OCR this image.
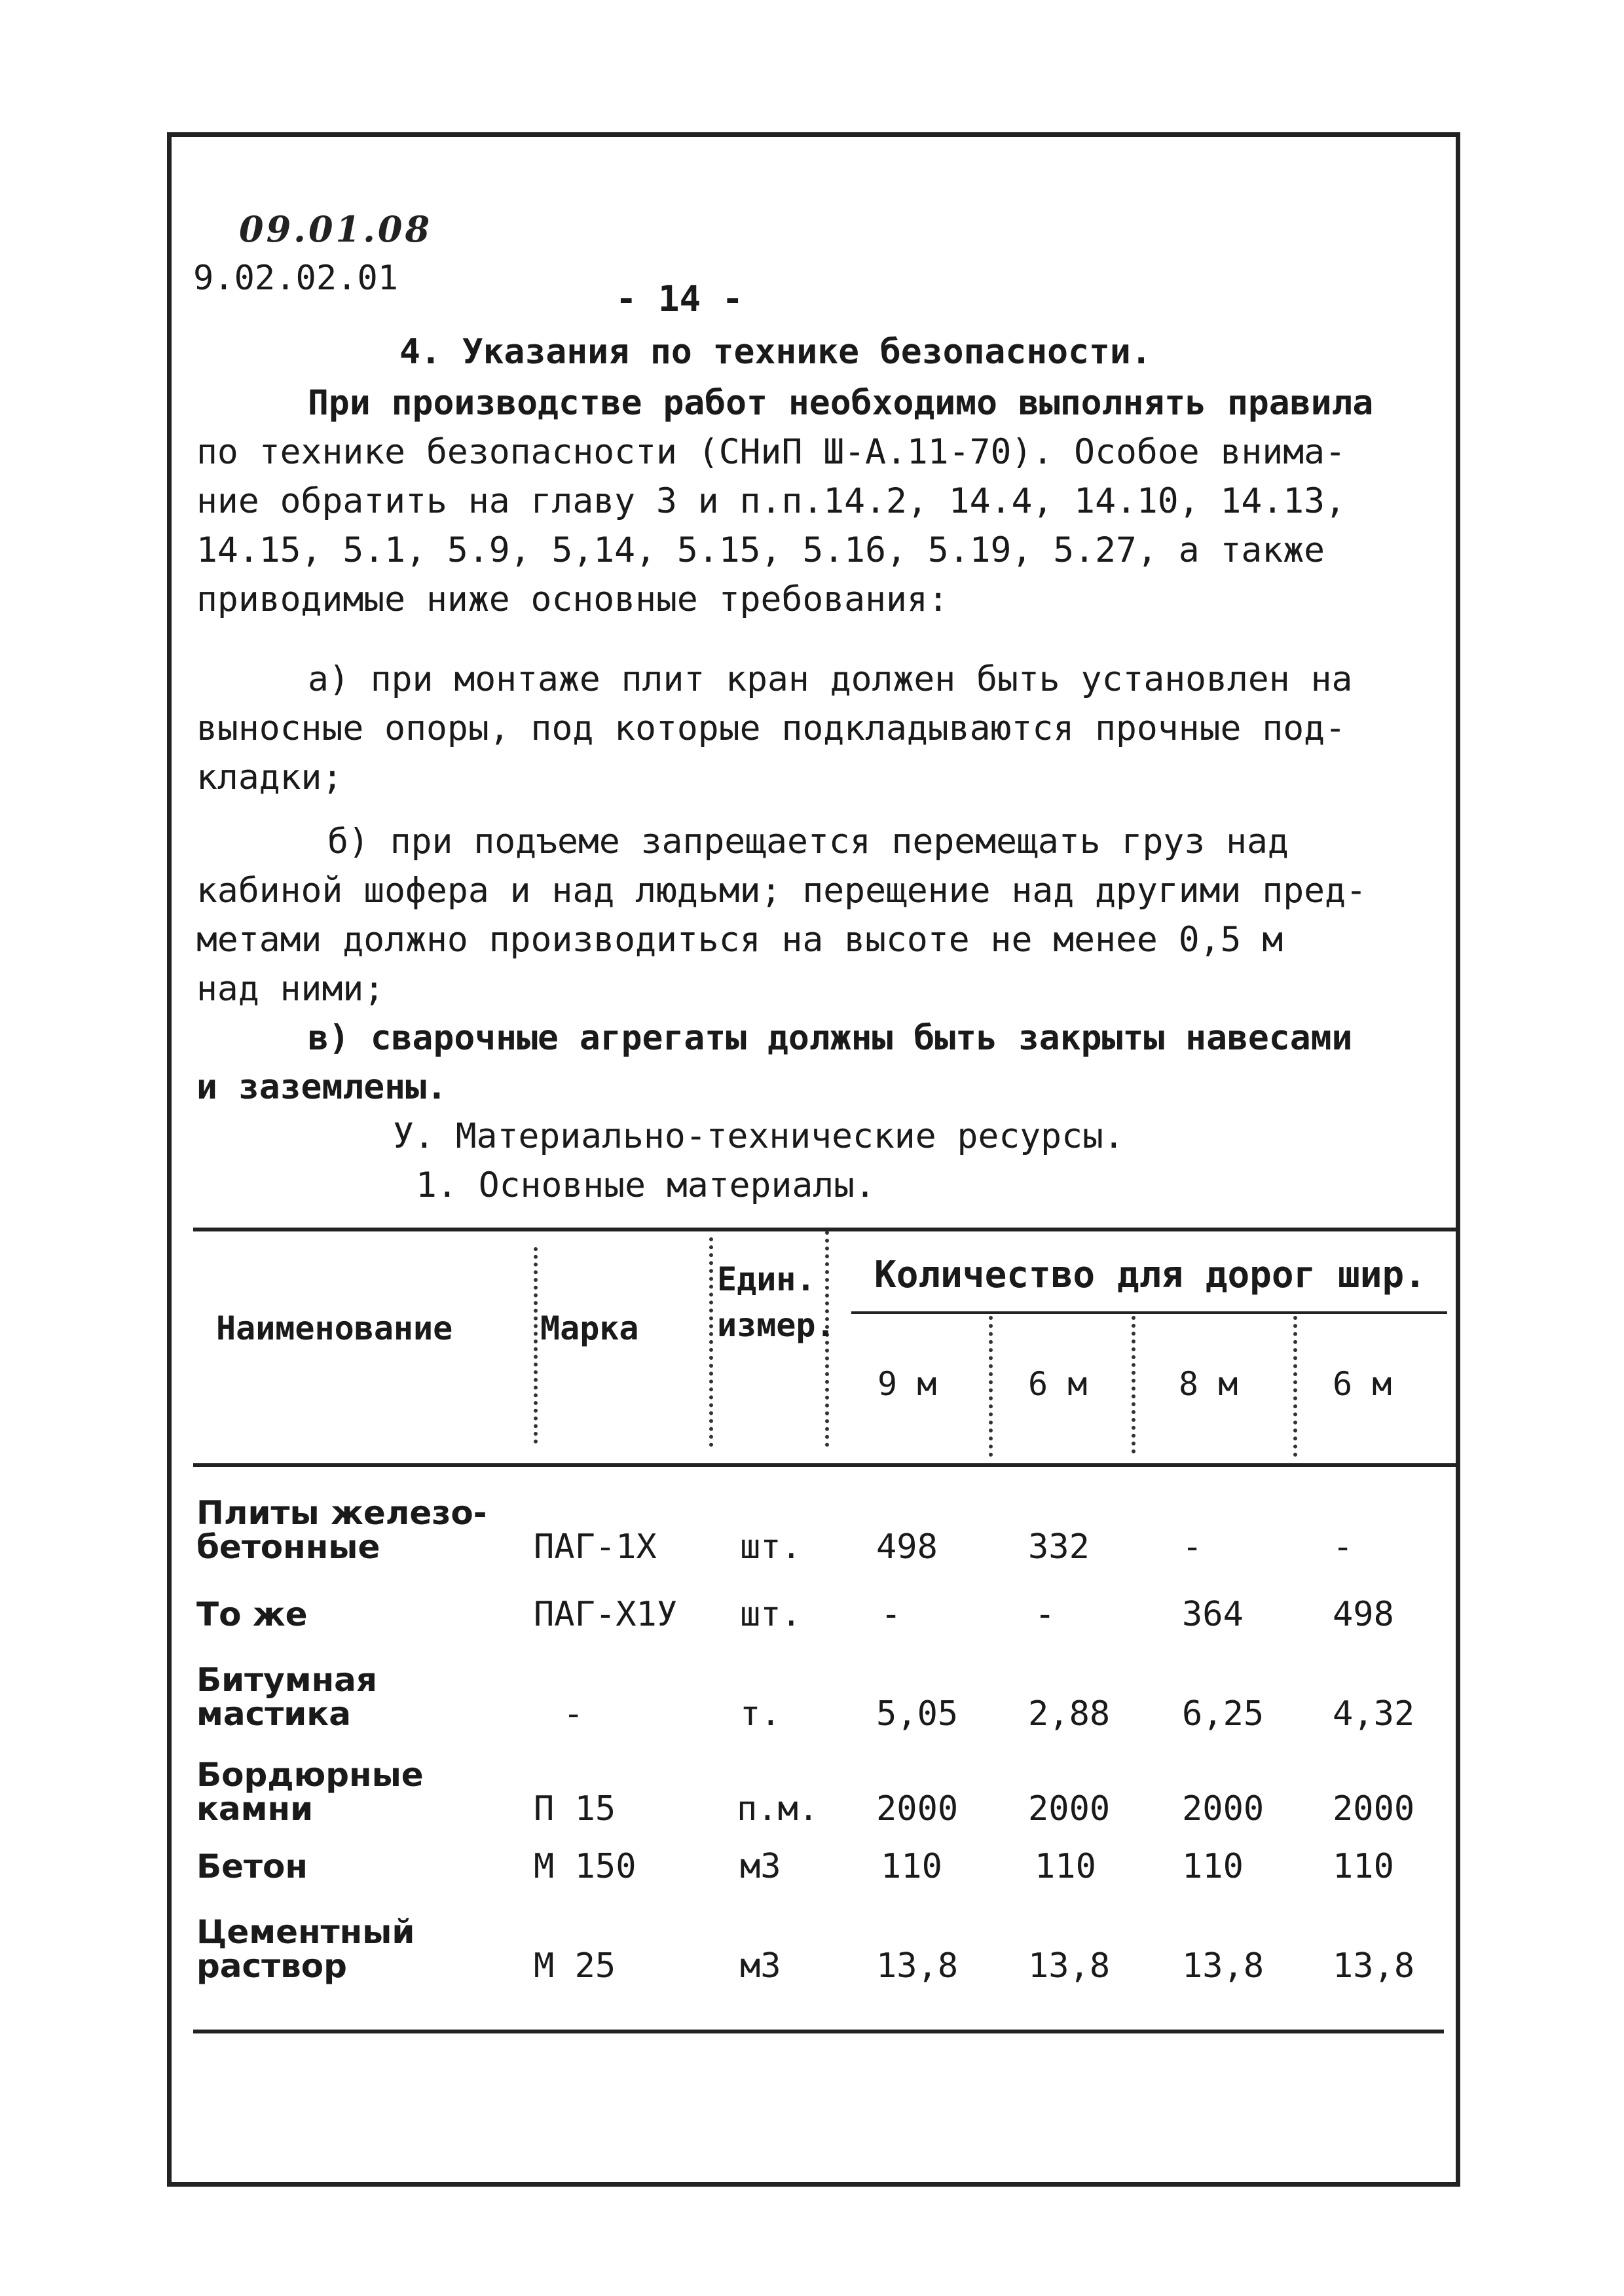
09.01.08
9.02.02.01	- 14 -
4. Указания по технике безопасности.
При производстве работ необходимо выполнять правила
по технике безопасности (СНиП Ш-А.11-70). Особое внима-
ние обратить на главу 3 и п.п.14.2, 14.4, 14.10, 14.13,
14.15, 5.1, 5.9, 5,14, 5.15, 5.16, 5.19, 5.27, а также
приводимые ниже основные требования:
а) при монтаже плит кран должен быть установлен на
выносные опоры, под которые подкладываются прочные под-
кладки;
б) при подъеме запрещается перемещать груз над
кабиной шофера и над людьми; перещение над другими пред-
метами должно производиться на высоте не менее 0,5 м
над ними;
в) сварочные агрегаты должны быть закрыты навесами
и заземлены.
У. Материально-технические ресурсы.
1. Основные материалы.
Наименование	Марка
Един.
измер.
Количество для дорог шир.
9 м	6 м	8 м	6 м
Плиты железо-
бетонные	ПАГ-1Х шт. 498	332	-	-
То же	ПАГ-Х1У шт. -	-	364	498
Битумная
мастика	-	т.	5,05 2,88 6,25 4,32
Бордюрные
камни	П 15	п.м. 2000 2000 2000 2000
Бетон	М 150	м3	110	110	110	110
Цементный
раствор	М 25	м3	13,8 13,8 13,8 13,8
